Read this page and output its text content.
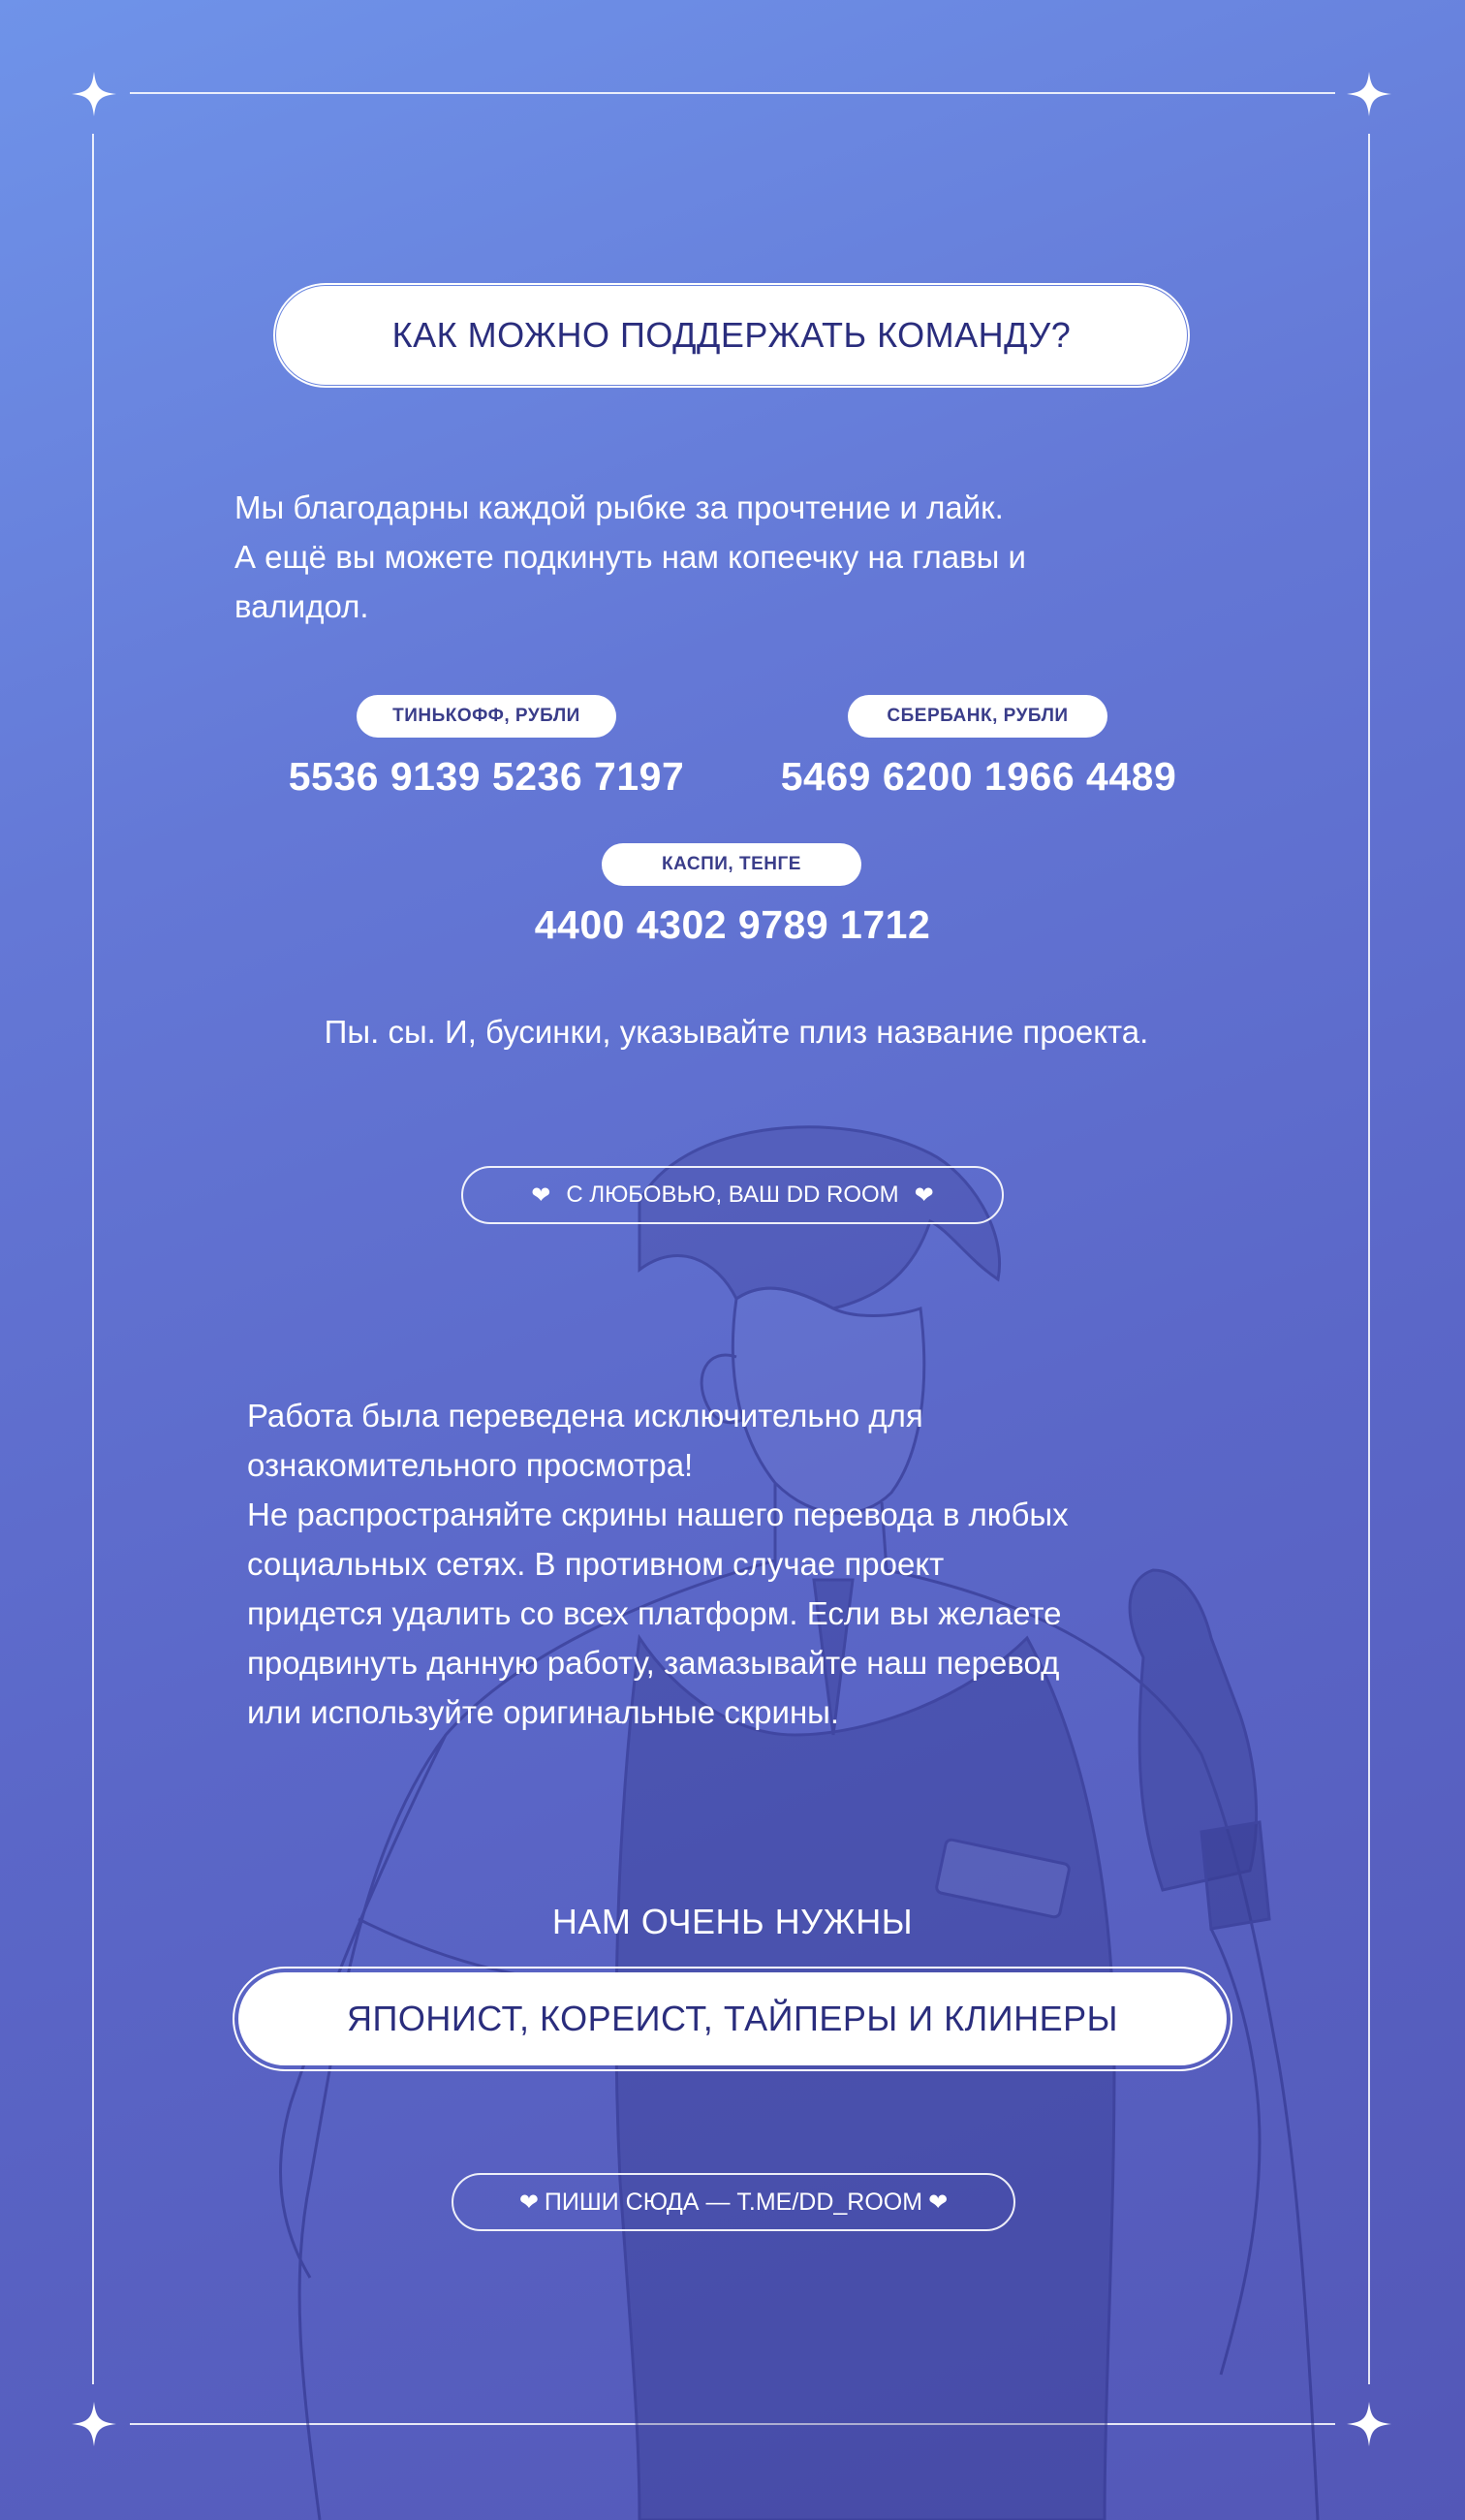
КАК МОЖНО ПОДДЕРЖАТЬ КОМАНДУ?
Мы благодарны каждой рыбке за прочтение и лайк.
А ещё вы можете подкинуть нам копеечку на главы и
валидол.
ТИНЬКОФФ, РУБЛИ
5536 9139 5236 7197
СБЕРБАНК, РУБЛИ
5469 6200 1966 4489
КАСПИ, ТЕНГЕ
4400 4302 9789 1712
Пы. сы. И, бусинки, указывайте плиз название проекта.
❤ С ЛЮБОВЬЮ, ВАШ DD ROOM ❤
Работа была переведена исключительно для
ознакомительного просмотра!
Не распространяйте скрины нашего перевода в любых
социальных сетях. В противном случае проект
придется удалить со всех платформ. Если вы желаете
продвинуть данную работу, замазывайте наш перевод
или используйте оригинальные скрины.
НАМ ОЧЕНЬ НУЖНЫ
ЯПОНИСТ, КОРЕИСТ, ТАЙПЕРЫ И КЛИНЕРЫ
❤ ПИШИ СЮДА — T.ME/DD_ROOM ❤
